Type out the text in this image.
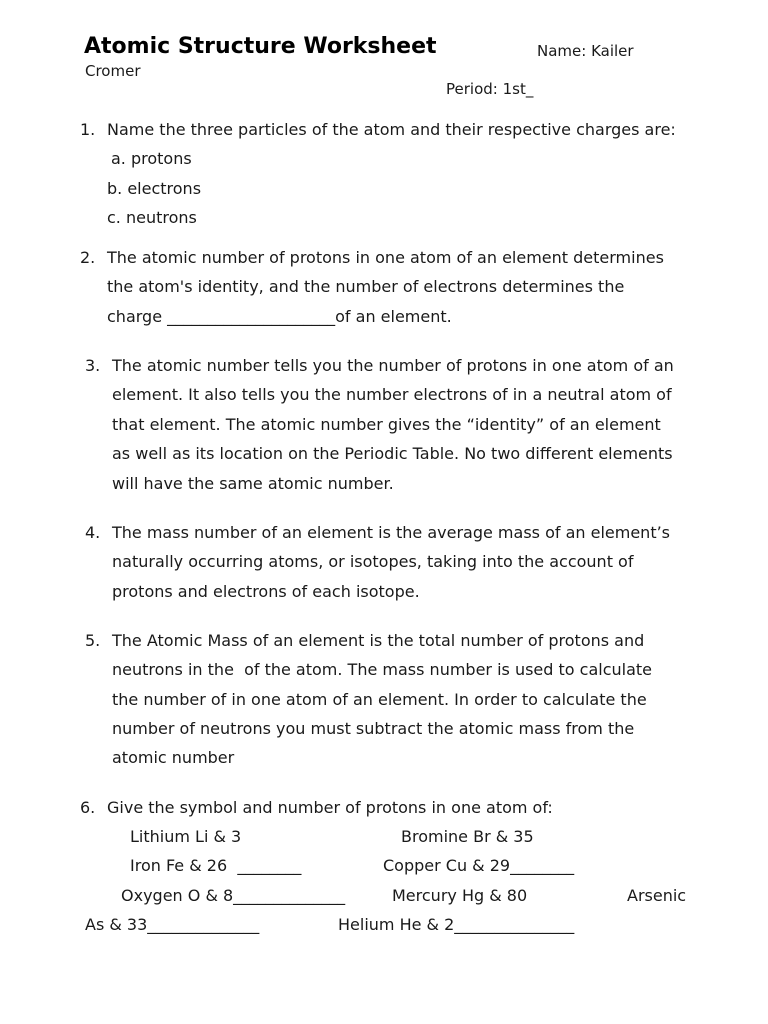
Atomic Structure Worksheet	Name: Kailer
Cromer
Period: 1st_
1. Name the three particles of the atom and their respective charges are:
a. protons
b. electrons
c. neutrons
2. The atomic number of protons in one atom of an element determines
the atom's identity, and the number of electrons determines the
charge _____________________of an element.
3. The atomic number tells you the number of protons in one atom of an
element. It also tells you the number electrons of in a neutral atom of
that element. The atomic number gives the “identity” of an element
as well as its location on the Periodic Table. No two different elements
will have the same atomic number.
4. The mass number of an element is the average mass of an element’s
naturally occurring atoms, or isotopes, taking into the account of
protons and electrons of each isotope.
5. The Atomic Mass of an element is the total number of protons and
neutrons in the  of the atom. The mass number is used to calculate
the number of in one atom of an element. In order to calculate the
number of neutrons you must subtract the atomic mass from the
atomic number
6. Give the symbol and number of protons in one atom of:
Lithium Li & 3	Bromine Br & 35
Iron Fe & 26  ________	Copper Cu & 29________
Oxygen O & 8______________	Mercury Hg & 80	Arsenic
As & 33______________	Helium He & 2_______________
